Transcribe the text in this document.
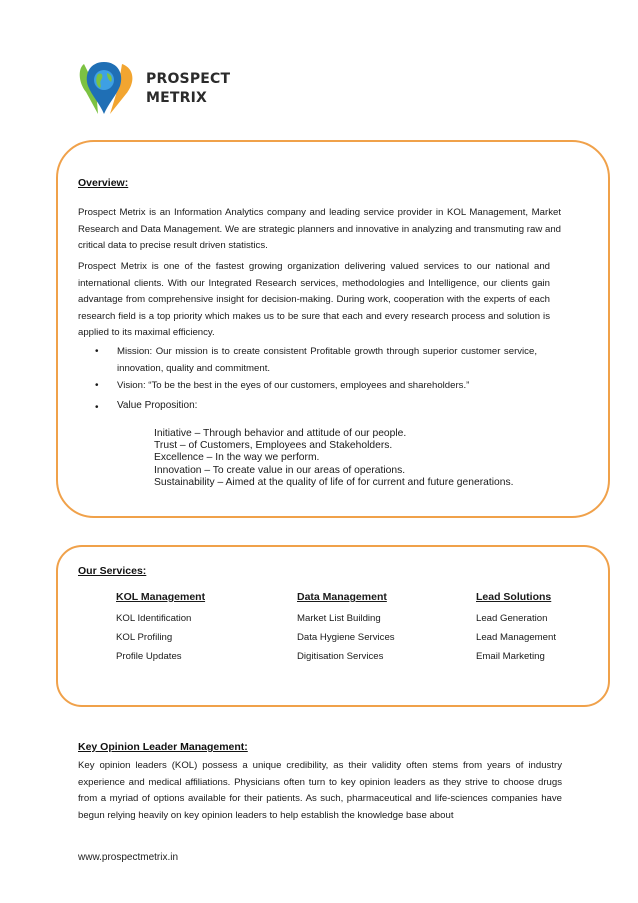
PROSPECT
METRIX
Overview:

Prospect Metrix is an Information Analytics company and leading service provider in KOL Management, Market Research and Data Management. We are strategic planners and innovative in analyzing and transmuting raw and critical data to precise result driven statistics.

Prospect Metrix is one of the fastest growing organization delivering valued services to our national and international clients. With our Integrated Research services, methodologies and Intelligence, our clients gain advantage from comprehensive insight for decision-making. During work, cooperation with the experts of each research field is a top priority which makes us to be sure that each and every research process and solution is applied to its maximal efficiency.

• Mission: Our mission is to create consistent Profitable growth through superior customer service, innovation, quality and commitment.
• Vision: “To be the best in the eyes of our customers, employees and shareholders.”
• Value Proposition:
Initiative – Through behavior and attitude of our people.
Trust – of Customers, Employees and Stakeholders.
Excellence – In the way we perform.
Innovation – To create value in our areas of operations.
Sustainability – Aimed at the quality of life of for current and future generations.
Our Services:
KOL Management
KOL Identification
KOL Profiling
Profile Updates
Data Management
Market List Building
Data Hygiene Services
Digitisation Services
Lead Solutions
Lead Generation
Lead Management
Email Marketing
Key Opinion Leader Management:

Key opinion leaders (KOL) possess a unique credibility, as their validity often stems from years of industry experience and medical affiliations. Physicians often turn to key opinion leaders as they strive to choose drugs from a myriad of options available for their patients. As such, pharmaceutical and life-sciences companies have begun relying heavily on key opinion leaders to help establish the knowledge base about

www.prospectmetrix.in
